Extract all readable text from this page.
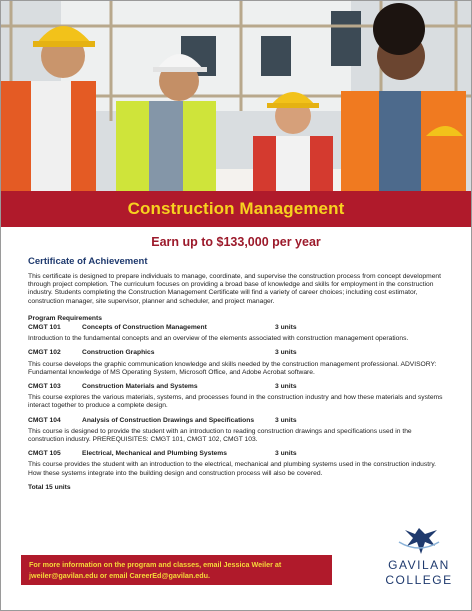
Construction Management
Earn up to $133,000 per year
Certificate of Achievement

This certificate is designed to prepare individuals to manage, coordinate, and supervise the construction process from concept development through project completion. The curriculum focuses on providing a broad base of knowledge and skills for employment in the construction industry. Students completing the Construction Management Certificate will find a variety of career choices; including cost estimator, construction manager, site supervisor, planner and scheduler, and project manager.

Program Requirements

CMGT 101	Concepts of Construction Management	3 units

Introduction to the fundamental concepts and an overview of the elements associated with construction management operations.

CMGT 102	Construction Graphics	3 units

This course develops the graphic communication knowledge and skills needed by the construction management professional. ADVISORY: Fundamental knowledge of MS Operating System, Microsoft Office, and Adobe Acrobat software.

CMGT 103	Construction Materials and Systems	3 units

This course explores the various materials, systems, and processes found in the construction industry and how these materials and systems interact together to produce a complete design.

CMGT 104	Analysis of Construction Drawings and Specifications	3 units

This course is designed to provide the student with an introduction to reading construction drawings and specifications used in the construction industry. PREREQUISITES: CMGT 101, CMGT 102, CMGT 103.

CMGT 105	Electrical, Mechanical and Plumbing Systems	3 units

This course provides the student with an introduction to the electrical, mechanical and plumbing systems used in the construction industry. How these systems integrate into the building design and construction process will also be covered.

Total 15 units

For more information on the program and classes, email Jessica Weiler at
jweiler@gavilan.edu or email CareerEd@gavilan.edu.
GAVILAN
COLLEGE
